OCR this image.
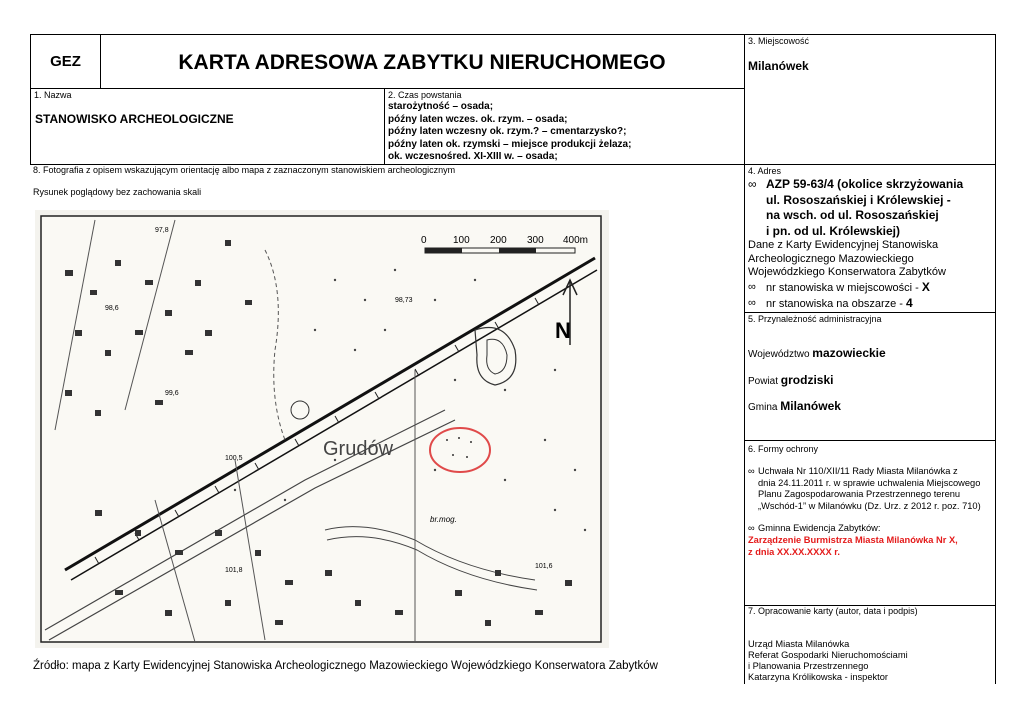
GEZ	KARTA ADRESOWA ZABYTKU NIERUCHOMEGO
3. Miejscowość
Milanówek
1. Nazwa
STANOWISKO ARCHEOLOGICZNE
2. Czas powstania
starożytność – osada;
późny laten wczes. ok. rzym. – osada;
późny laten wczesny ok. rzym.? – cmentarzysko?;
późny laten ok. rzymski – miejsce produkcji żelaza;
ok. wczesnośred. XI-XIII w. – osada;
8. Fotografia z opisem wskazującym orientację albo mapa z zaznaczonym stanowiskiem archeologicznym
Rysunek poglądowy bez zachowania skali
Grudów
0	100 200 300 400m
N
97,8
98,6
99,6
98,73
100,5
101,8
101,6
br.mog.
Źródło: mapa z Karty Ewidencyjnej Stanowiska Archeologicznego Mazowieckiego Wojewódzkiego Konserwatora Zabytków
4. Adres
∞ AZP 59-63/4 (okolice skrzyżowania
ul. Rososzańskiej i Królewskiej -
na wsch. od ul. Rososzańskiej
i pn. od ul. Królewskiej)
Dane z Karty Ewidencyjnej Stanowiska
Archeologicznego Mazowieckiego
Wojewódzkiego Konserwatora Zabytków
∞ nr stanowiska w miejscowości - X
∞ nr stanowiska na obszarze - 4
5. Przynależność administracyjna
Województwo mazowieckie
Powiat grodziski
Gmina Milanówek
6. Formy ochrony
∞ Uchwała Nr 110/XII/11 Rady Miasta Milanówka z
dnia 24.11.2011 r. w sprawie uchwalenia Miejscowego
Planu Zagospodarowania Przestrzennego terenu
„Wschód-1” w Milanówku (Dz. Urz. z 2012 r. poz. 710)
∞ Gminna Ewidencja Zabytków:
Zarządzenie Burmistrza Miasta Milanówka Nr X,
z dnia XX.XX.XXXX r.
7. Opracowanie karty (autor, data i podpis)
Urząd Miasta Milanówka
Referat Gospodarki Nieruchomościami
i Planowania Przestrzennego
Katarzyna Królikowska - inspektor
